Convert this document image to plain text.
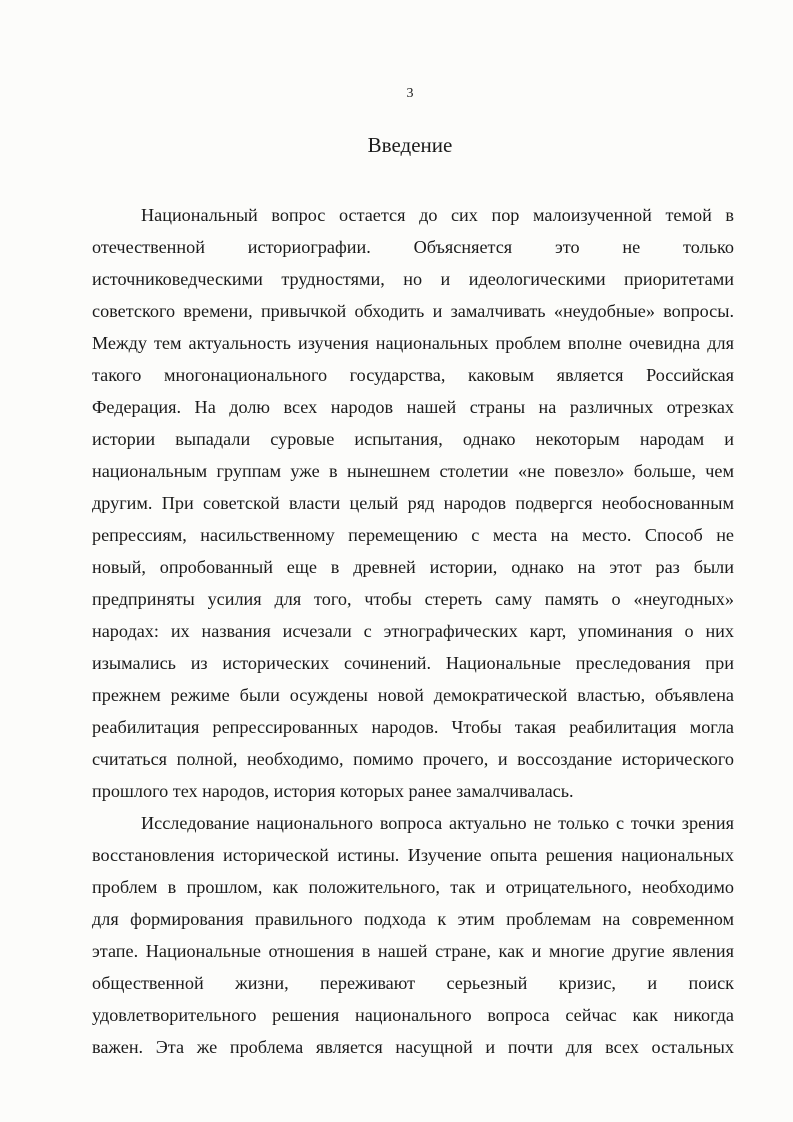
3
Введение
Национальный вопрос остается до сих пор малоизученной темой в
отечественной историографии. Объясняется это не только
источниковедческими трудностями, но и идеологическими приоритетами
советского времени, привычкой обходить и замалчивать «неудобные» вопросы.
Между тем актуальность изучения национальных проблем вполне очевидна для
такого многонационального государства, каковым является Российская
Федерация. На долю всех народов нашей страны на различных отрезках
истории выпадали суровые испытания, однако некоторым народам и
национальным группам уже в нынешнем столетии «не повезло» больше, чем
другим. При советской власти целый ряд народов подвергся необоснованным
репрессиям, насильственному перемещению с места на место. Способ не
новый, опробованный еще в древней истории, однако на этот раз были
предприняты усилия для того, чтобы стереть саму память о «неугодных»
народах: их названия исчезали с этнографических карт, упоминания о них
изымались из исторических сочинений. Национальные преследования при
прежнем режиме были осуждены новой демократической властью, объявлена
реабилитация репрессированных народов. Чтобы такая реабилитация могла
считаться полной, необходимо, помимо прочего, и воссоздание исторического
прошлого тех народов, история которых ранее замалчивалась.
Исследование национального вопроса актуально не только с точки зрения
восстановления исторической истины. Изучение опыта решения национальных
проблем в прошлом, как положительного, так и отрицательного, необходимо
для формирования правильного подхода к этим проблемам на современном
этапе. Национальные отношения в нашей стране, как и многие другие явления
общественной жизни, переживают серьезный кризис, и поиск
удовлетворительного решения национального вопроса сейчас как никогда
важен. Эта же проблема является насущной и почти для всех остальных
